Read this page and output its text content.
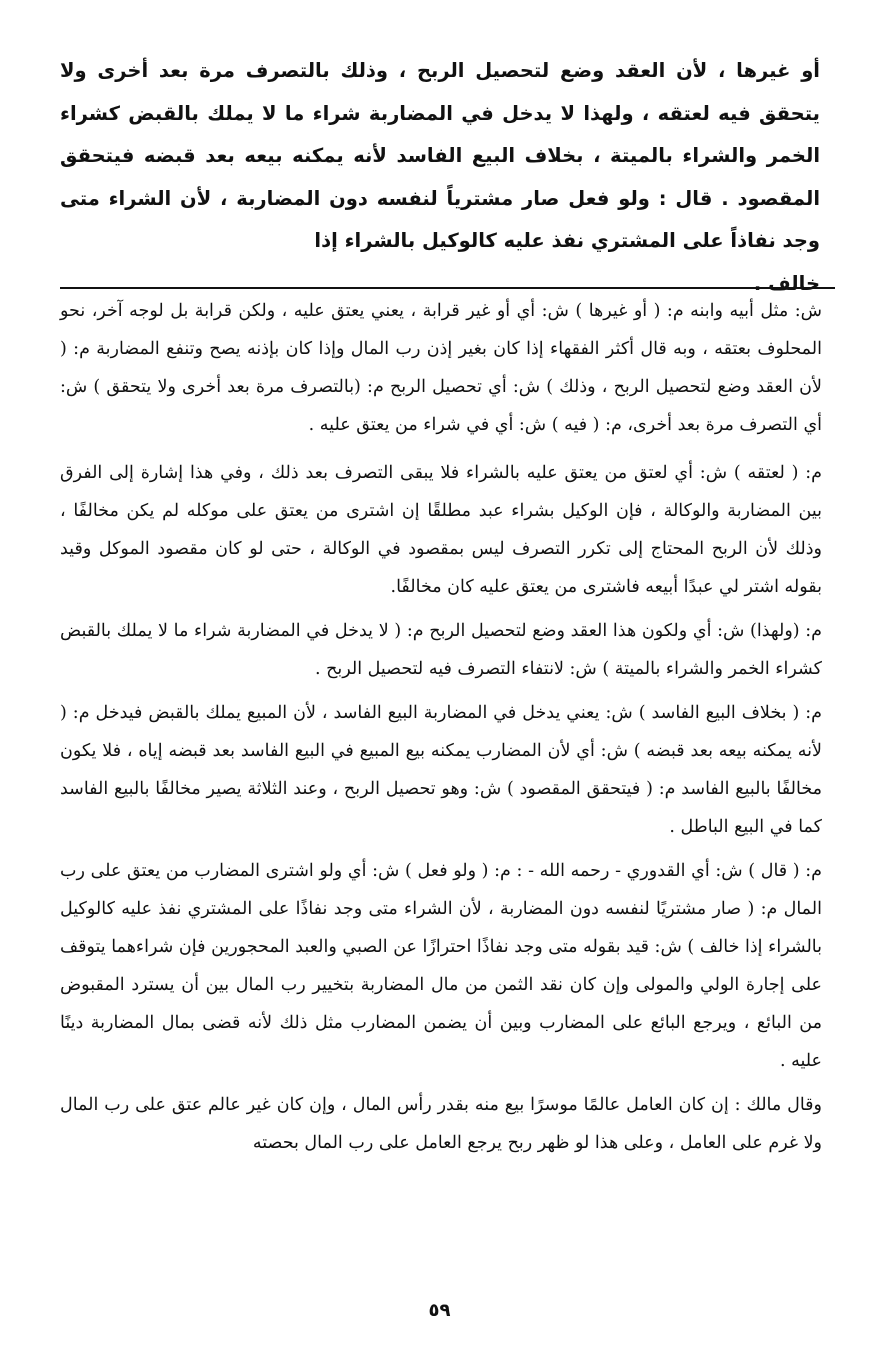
أو غيرها ، لأن العقد وضع لتحصيل الربح ، وذلك بالتصرف مرة بعد أخرى ولا يتحقق فيه لعتقه ، ولهذا لا يدخل في المضاربة شراء ما لا يملك بالقبض كشراء الخمر والشراء بالميتة ، بخلاف البيع الفاسد لأنه يمكنه بيعه بعد قبضه فيتحقق المقصود . قال : ولو فعل صار مشترياً لنفسه دون المضاربة ، لأن الشراء متى وجد نفاذاً على المشتري نفذ عليه كالوكيل بالشراء إذا
خالف .

ش: مثل أبيه وابنه م: ( أو غيرها ) ش: أي أو غير قرابة ، يعني يعتق عليه ، ولكن قرابة بل لوجه آخر، نحو المحلوف بعتقه ، وبه قال أكثر الفقهاء إذا كان بغير إذن رب المال وإذا كان بإذنه يصح وتنفع المضاربة م: ( لأن العقد وضع لتحصيل الربح ، وذلك ) ش: أي تحصيل الربح م: (بالتصرف مرة بعد أخرى ولا يتحقق ) ش: أي التصرف مرة بعد أخرى، م: ( فيه ) ش: أي في شراء من يعتق عليه .

م: ( لعتقه ) ش: أي لعتق من يعتق عليه بالشراء فلا يبقى التصرف بعد ذلك ، وفي هذا إشارة إلى الفرق بين المضاربة والوكالة ، فإن الوكيل بشراء عبد مطلقًا إن اشترى من يعتق على موكله لم يكن مخالفًا ، وذلك لأن الربح المحتاج إلى تكرر التصرف ليس بمقصود في الوكالة ، حتى لو كان مقصود الموكل وقيد بقوله اشتر لي عبدًا أبيعه فاشترى من يعتق عليه كان مخالفًا.

م: (ولهذا) ش: أي ولكون هذا العقد وضع لتحصيل الربح م: ( لا يدخل في المضاربة شراء ما لا يملك بالقبض كشراء الخمر والشراء بالميتة ) ش: لانتفاء التصرف فيه لتحصيل الربح .

م: ( بخلاف البيع الفاسد ) ش: يعني يدخل في المضاربة البيع الفاسد ، لأن المبيع يملك بالقبض فيدخل م: ( لأنه يمكنه بيعه بعد قبضه ) ش: أي لأن المضارب يمكنه بيع المبيع في البيع الفاسد بعد قبضه إياه ، فلا يكون مخالفًا بالبيع الفاسد م: ( فيتحقق المقصود ) ش: وهو تحصيل الربح ، وعند الثلاثة يصير مخالفًا بالبيع الفاسد كما في البيع الباطل .

م: ( قال ) ش: أي القدوري - رحمه الله - : م: ( ولو فعل ) ش: أي ولو اشترى المضارب من يعتق على رب المال م: ( صار مشتريًا لنفسه دون المضاربة ، لأن الشراء متى وجد نفاذًا على المشتري نفذ عليه كالوكيل بالشراء إذا خالف ) ش: قيد بقوله متى وجد نفاذًا احترازًا عن الصبي والعبد المحجورين فإن شراءهما يتوقف على إجارة الولي والمولى وإن كان نقد الثمن من مال المضاربة بتخيير رب المال بين أن يسترد المقبوض من البائع ، ويرجع البائع على المضارب وبين أن يضمن المضارب مثل ذلك لأنه قضى بمال المضاربة دينًا عليه .

وقال مالك : إن كان العامل عالمًا موسرًا بيع منه بقدر رأس المال ، وإن كان غير عالم عتق على رب المال ولا غرم على العامل ، وعلى هذا لو ظهر ربح يرجع العامل على رب المال بحصته

٥٩
